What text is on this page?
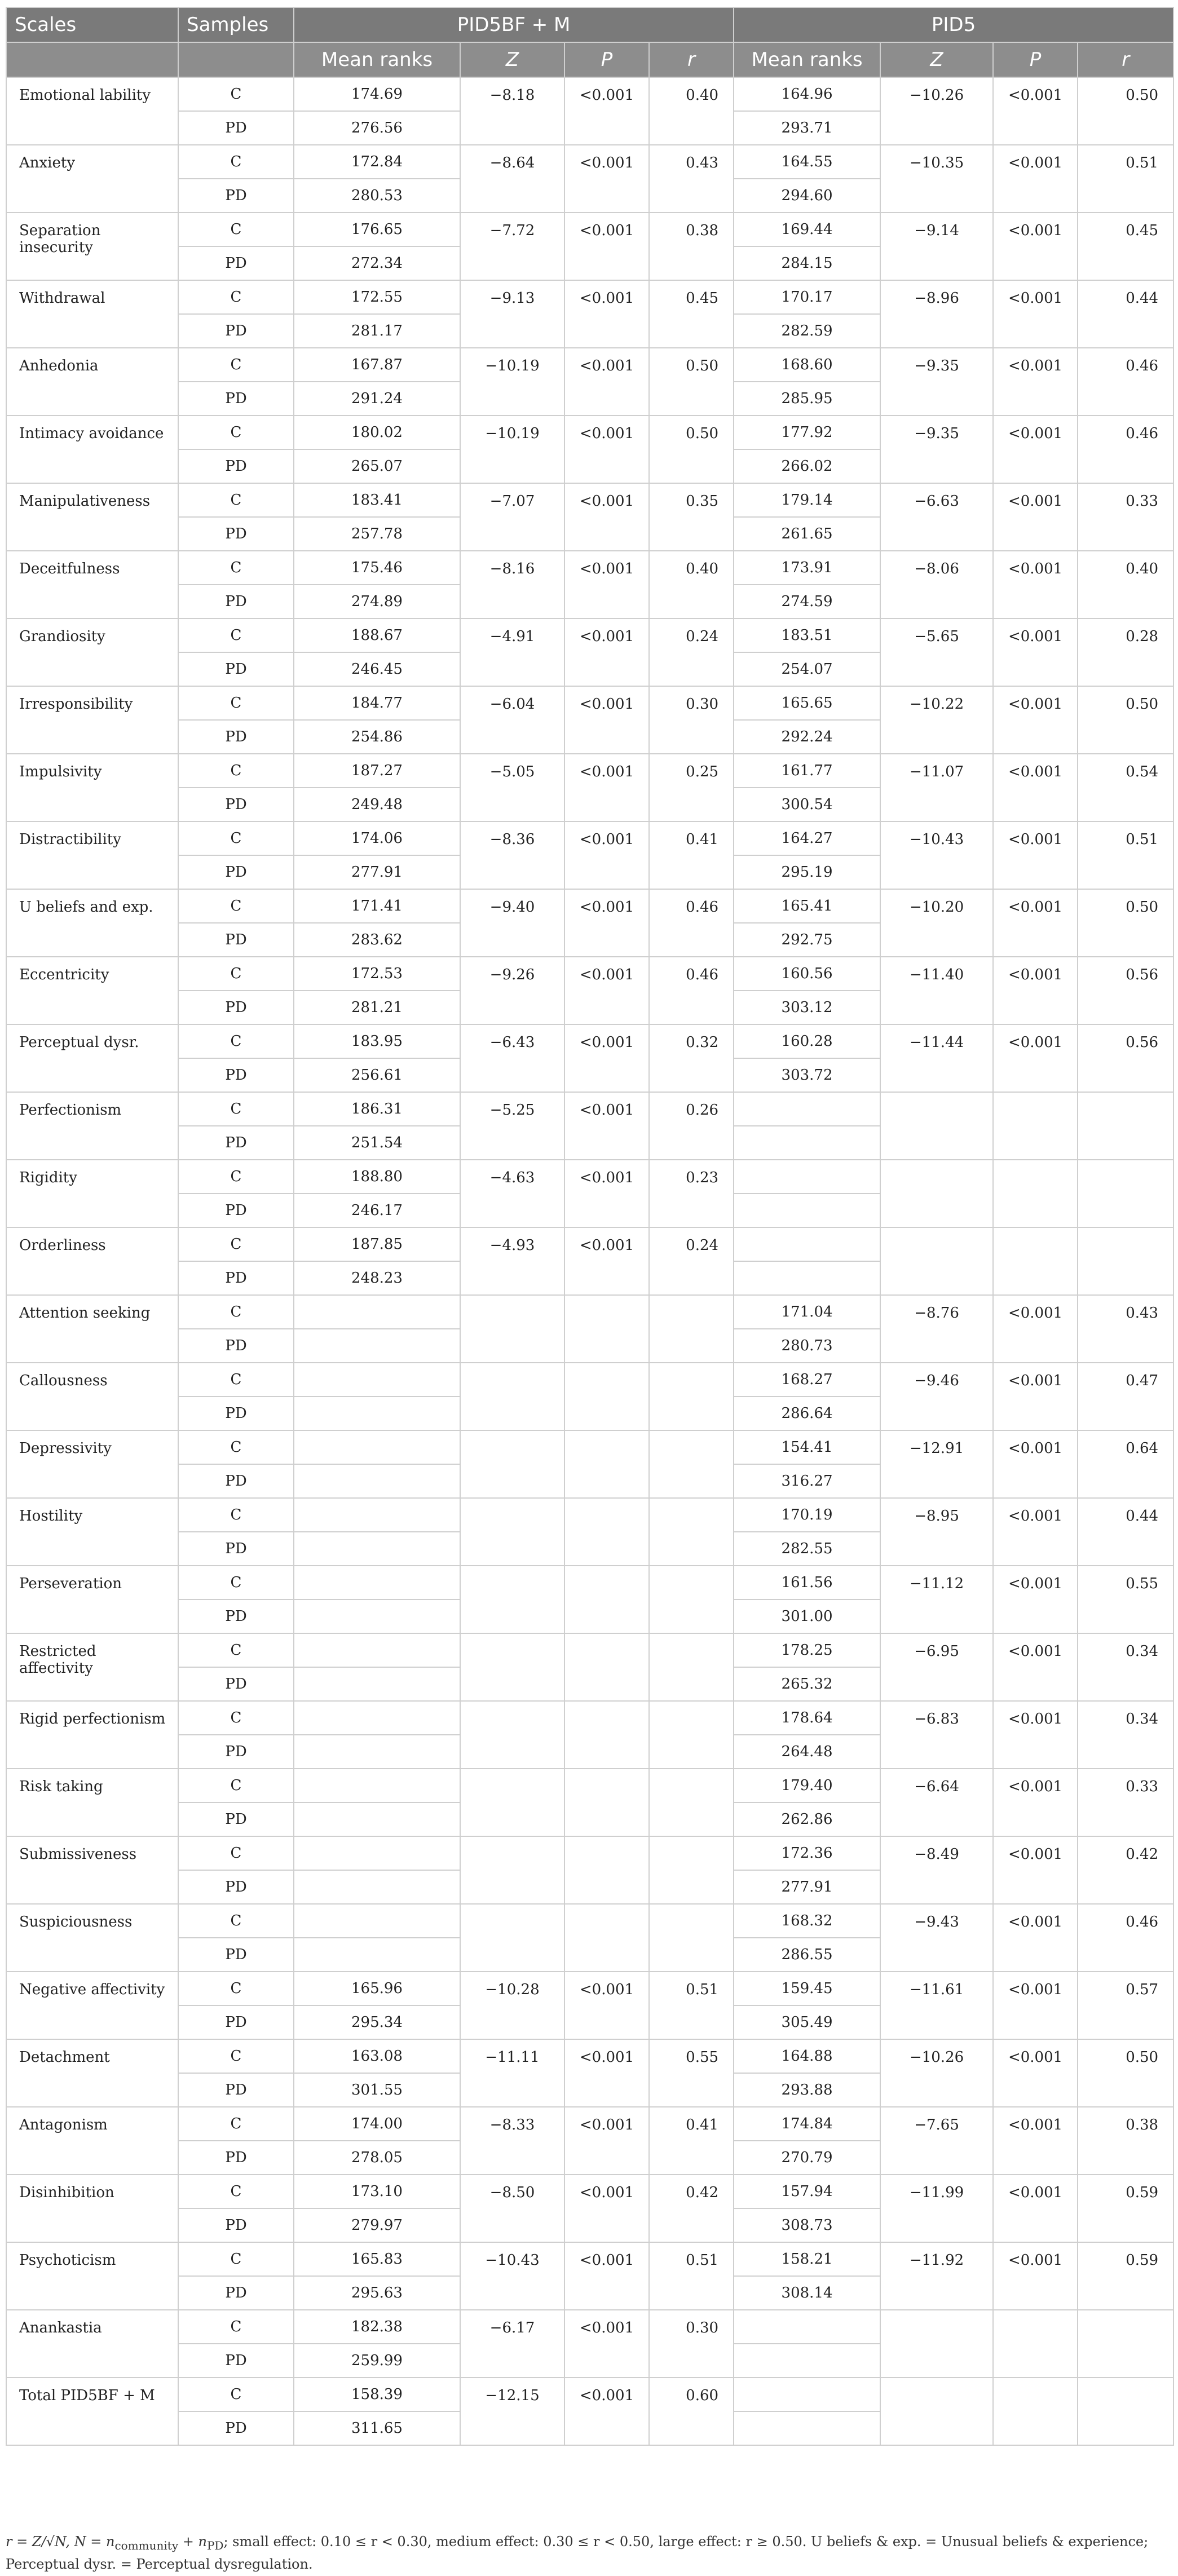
Scales	Samples	PID5BF + M				PID5			
		Mean ranks	Z	P	r	Mean ranks	Z	P	r
Emotional lability	C	174.69	−8.18	<0.001	0.40	164.96	−10.26	<0.001	0.50
	PD	276.56				293.71			
Anxiety	C	172.84	−8.64	<0.001	0.43	164.55	−10.35	<0.001	0.51
	PD	280.53				294.60			
Separation insecurity	C	176.65	−7.72	<0.001	0.38	169.44	−9.14	<0.001	0.45
	PD	272.34				284.15			
Withdrawal	C	172.55	−9.13	<0.001	0.45	170.17	−8.96	<0.001	0.44
	PD	281.17				282.59			
Anhedonia	C	167.87	−10.19	<0.001	0.50	168.60	−9.35	<0.001	0.46
	PD	291.24				285.95			
Intimacy avoidance	C	180.02	−10.19	<0.001	0.50	177.92	−9.35	<0.001	0.46
	PD	265.07				266.02			
Manipulativeness	C	183.41	−7.07	<0.001	0.35	179.14	−6.63	<0.001	0.33
	PD	257.78				261.65			
Deceitfulness	C	175.46	−8.16	<0.001	0.40	173.91	−8.06	<0.001	0.40
	PD	274.89				274.59			
Grandiosity	C	188.67	−4.91	<0.001	0.24	183.51	−5.65	<0.001	0.28
	PD	246.45				254.07			
Irresponsibility	C	184.77	−6.04	<0.001	0.30	165.65	−10.22	<0.001	0.50
	PD	254.86				292.24			
Impulsivity	C	187.27	−5.05	<0.001	0.25	161.77	−11.07	<0.001	0.54
	PD	249.48				300.54			
Distractibility	C	174.06	−8.36	<0.001	0.41	164.27	−10.43	<0.001	0.51
	PD	277.91				295.19			
U beliefs and exp.	C	171.41	−9.40	<0.001	0.46	165.41	−10.20	<0.001	0.50
	PD	283.62				292.75			
Eccentricity	C	172.53	−9.26	<0.001	0.46	160.56	−11.40	<0.001	0.56
	PD	281.21				303.12			
Perceptual dysr.	C	183.95	−6.43	<0.001	0.32	160.28	−11.44	<0.001	0.56
	PD	256.61				303.72			
Perfectionism	C	186.31	−5.25	<0.001	0.26				
	PD	251.54							
Rigidity	C	188.80	−4.63	<0.001	0.23				
	PD	246.17							
Orderliness	C	187.85	−4.93	<0.001	0.24				
	PD	248.23							
Attention seeking	C					171.04	−8.76	<0.001	0.43
	PD					280.73			
Callousness	C					168.27	−9.46	<0.001	0.47
	PD					286.64			
Depressivity	C					154.41	−12.91	<0.001	0.64
	PD					316.27			
Hostility	C					170.19	−8.95	<0.001	0.44
	PD					282.55			
Perseveration	C					161.56	−11.12	<0.001	0.55
	PD					301.00			
Restricted affectivity	C					178.25	−6.95	<0.001	0.34
	PD					265.32			
Rigid perfectionism	C					178.64	−6.83	<0.001	0.34
	PD					264.48			
Risk taking	C					179.40	−6.64	<0.001	0.33
	PD					262.86			
Submissiveness	C					172.36	−8.49	<0.001	0.42
	PD					277.91			
Suspiciousness	C					168.32	−9.43	<0.001	0.46
	PD					286.55			
Negative affectivity	C	165.96	−10.28	<0.001	0.51	159.45	−11.61	<0.001	0.57
	PD	295.34				305.49			
Detachment	C	163.08	−11.11	<0.001	0.55	164.88	−10.26	<0.001	0.50
	PD	301.55				293.88			
Antagonism	C	174.00	−8.33	<0.001	0.41	174.84	−7.65	<0.001	0.38
	PD	278.05				270.79			
Disinhibition	C	173.10	−8.50	<0.001	0.42	157.94	−11.99	<0.001	0.59
	PD	279.97				308.73			
Psychoticism	C	165.83	−10.43	<0.001	0.51	158.21	−11.92	<0.001	0.59
	PD	295.63				308.14			
Anankastia	C	182.38	−6.17	<0.001	0.30				
	PD	259.99							
Total PID5BF + M	C	158.39	−12.15	<0.001	0.60				
	PD	311.65							
r = Z/√N, $N = n_{community} + n_{PD}$; small effect: 0.10 ≤ r < 0.30, medium effect: 0.30 ≤ r < 0.50, large effect: r ≥ 0.50. U beliefs & exp. = Unusual beliefs & experience; Perceptual dysr. = Perceptual dysregulation.
